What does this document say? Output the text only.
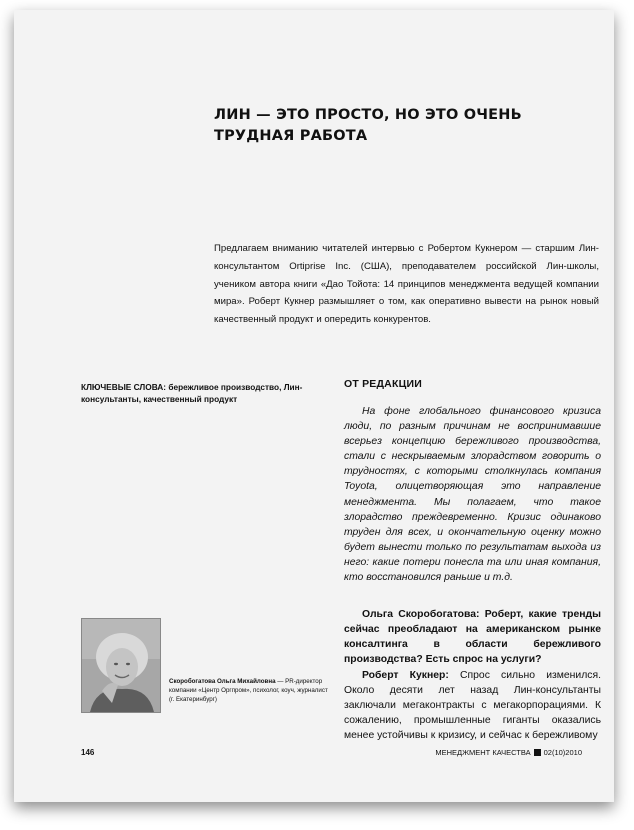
ЛИН — ЭТО ПРОСТО, НО ЭТО ОЧЕНЬ ТРУДНАЯ РАБОТА

Предлагаем вниманию читателей интервью с Робертом Кукнером — старшим Лин-консультантом Ortiprise Inc. (США), преподавателем российской Лин-школы, учеником автора книги «Дао Тойота: 14 принципов менеджмента ведущей компании мира». Роберт Кукнер размышляет о том, как оперативно вывести на рынок новый качественный продукт и опередить конкурентов.

КЛЮЧЕВЫЕ СЛОВА: бережливое производство, Лин-консультанты, качественный продукт

ОТ РЕДАКЦИИ

На фоне глобального финансового кризиса люди, по разным причинам не воспринимавшие всерьез концепцию бережливого производства, стали с нескрываемым злорадством говорить о трудностях, с которыми столкнулась компания Toyota, олицетворяющая это направление менеджмента. Мы полагаем, что такое злорадство преждевременно. Кризис одинаково труден для всех, и окончательную оценку можно будет вынести только по результатам выхода из него: какие потери понесла та или иная компания, кто восстановился раньше и т.д.

Ольга Скоробогатова: Роберт, какие тренды сейчас преобладают на американском рынке консалтинга в области бережливого производства? Есть спрос на услуги?

Роберт Кукнер: Спрос сильно изменился. Около десяти лет назад Лин-консультанты заключали мегаконтракты с мегакорпорациями. К сожалению, промышленные гиганты оказались менее устойчивы к кризису, и сейчас к бережливому

Скоробогатова Ольга Михайловна — PR-директор компании «Центр Оргпром», психолог, коуч, журналист (г. Екатеринбург)

146	МЕНЕДЖМЕНТ КАЧЕСТВА 02(10)2010
